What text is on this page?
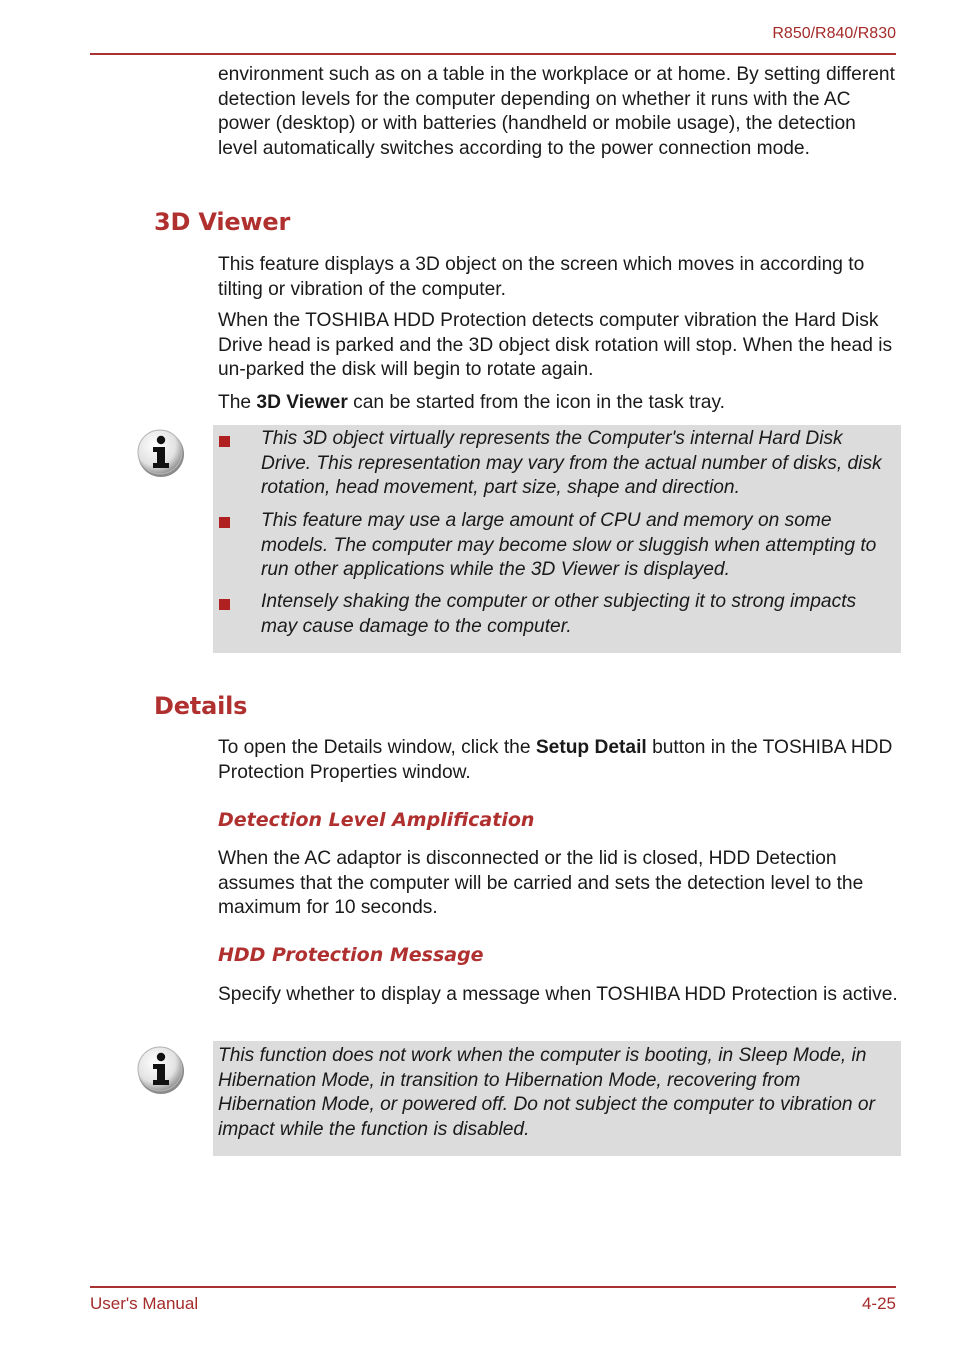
R850/R840/R830

environment such as on a table in the workplace or at home. By setting different detection levels for the computer depending on whether it runs with the AC power (desktop) or with batteries (handheld or mobile usage), the detection level automatically switches according to the power connection mode.

3D Viewer

This feature displays a 3D object on the screen which moves in according to tilting or vibration of the computer.

When the TOSHIBA HDD Protection detects computer vibration the Hard Disk Drive head is parked and the 3D object disk rotation will stop. When the head is un-parked the disk will begin to rotate again.

The 3D Viewer can be started from the icon in the task tray.

This 3D object virtually represents the Computer's internal Hard Disk Drive. This representation may vary from the actual number of disks, disk rotation, head movement, part size, shape and direction.

This feature may use a large amount of CPU and memory on some models. The computer may become slow or sluggish when attempting to run other applications while the 3D Viewer is displayed.

Intensely shaking the computer or other subjecting it to strong impacts may cause damage to the computer.

Details

To open the Details window, click the Setup Detail button in the TOSHIBA HDD Protection Properties window.

Detection Level Amplification

When the AC adaptor is disconnected or the lid is closed, HDD Detection assumes that the computer will be carried and sets the detection level to the maximum for 10 seconds.

HDD Protection Message

Specify whether to display a message when TOSHIBA HDD Protection is active.

This function does not work when the computer is booting, in Sleep Mode, in Hibernation Mode, in transition to Hibernation Mode, recovering from Hibernation Mode, or powered off. Do not subject the computer to vibration or impact while the function is disabled.

User's Manual	4-25
